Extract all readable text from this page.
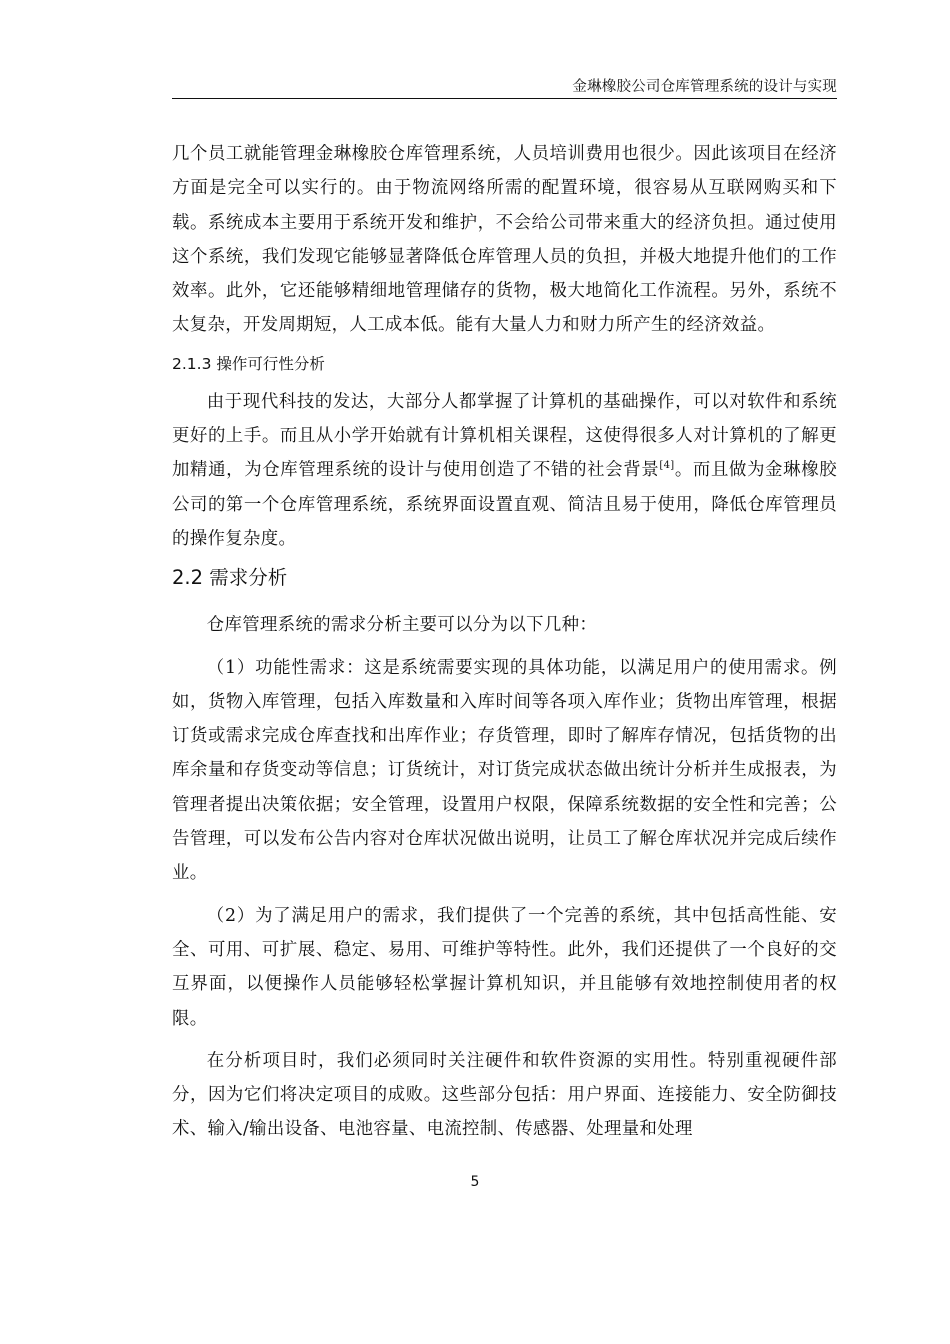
金琳橡胶公司仓库管理系统的设计与实现

几个员工就能管理金琳橡胶仓库管理系统，人员培训费用也很少。因此该项目在经济方面是完全可以实行的。由于物流网络所需的配置环境，很容易从互联网购买和下载。系统成本主要用于系统开发和维护，不会给公司带来重大的经济负担。通过使用这个系统，我们发现它能够显著降低仓库管理人员的负担，并极大地提升他们的工作效率。此外，它还能够精细地管理储存的货物，极大地简化工作流程。另外，系统不太复杂，开发周期短，人工成本低。能有大量人力和财力所产生的经济效益。

2.1.3 操作可行性分析

由于现代科技的发达，大部分人都掌握了计算机的基础操作，可以对软件和系统更好的上手。而且从小学开始就有计算机相关课程，这使得很多人对计算机的了解更加精通，为仓库管理系统的设计与使用创造了不错的社会背景[4]。而且做为金琳橡胶公司的第一个仓库管理系统，系统界面设置直观、简洁且易于使用，降低仓库管理员的操作复杂度。

2.2 需求分析

仓库管理系统的需求分析主要可以分为以下几种：

（1）功能性需求：这是系统需要实现的具体功能，以满足用户的使用需求。例如，货物入库管理，包括入库数量和入库时间等各项入库作业；货物出库管理，根据订货或需求完成仓库查找和出库作业；存货管理，即时了解库存情况，包括货物的出库余量和存货变动等信息；订货统计，对订货完成状态做出统计分析并生成报表，为管理者提出决策依据；安全管理，设置用户权限，保障系统数据的安全性和完善；公告管理，可以发布公告内容对仓库状况做出说明，让员工了解仓库状况并完成后续作业。

（2）为了满足用户的需求，我们提供了一个完善的系统，其中包括高性能、安全、可用、可扩展、稳定、易用、可维护等特性。此外，我们还提供了一个良好的交互界面，以便操作人员能够轻松掌握计算机知识，并且能够有效地控制使用者的权限。

在分析项目时，我们必须同时关注硬件和软件资源的实用性。特别重视硬件部分，因为它们将决定项目的成败。这些部分包括：用户界面、连接能力、安全防御技术、输入/输出设备、电池容量、电流控制、传感器、处理量和处理

5
